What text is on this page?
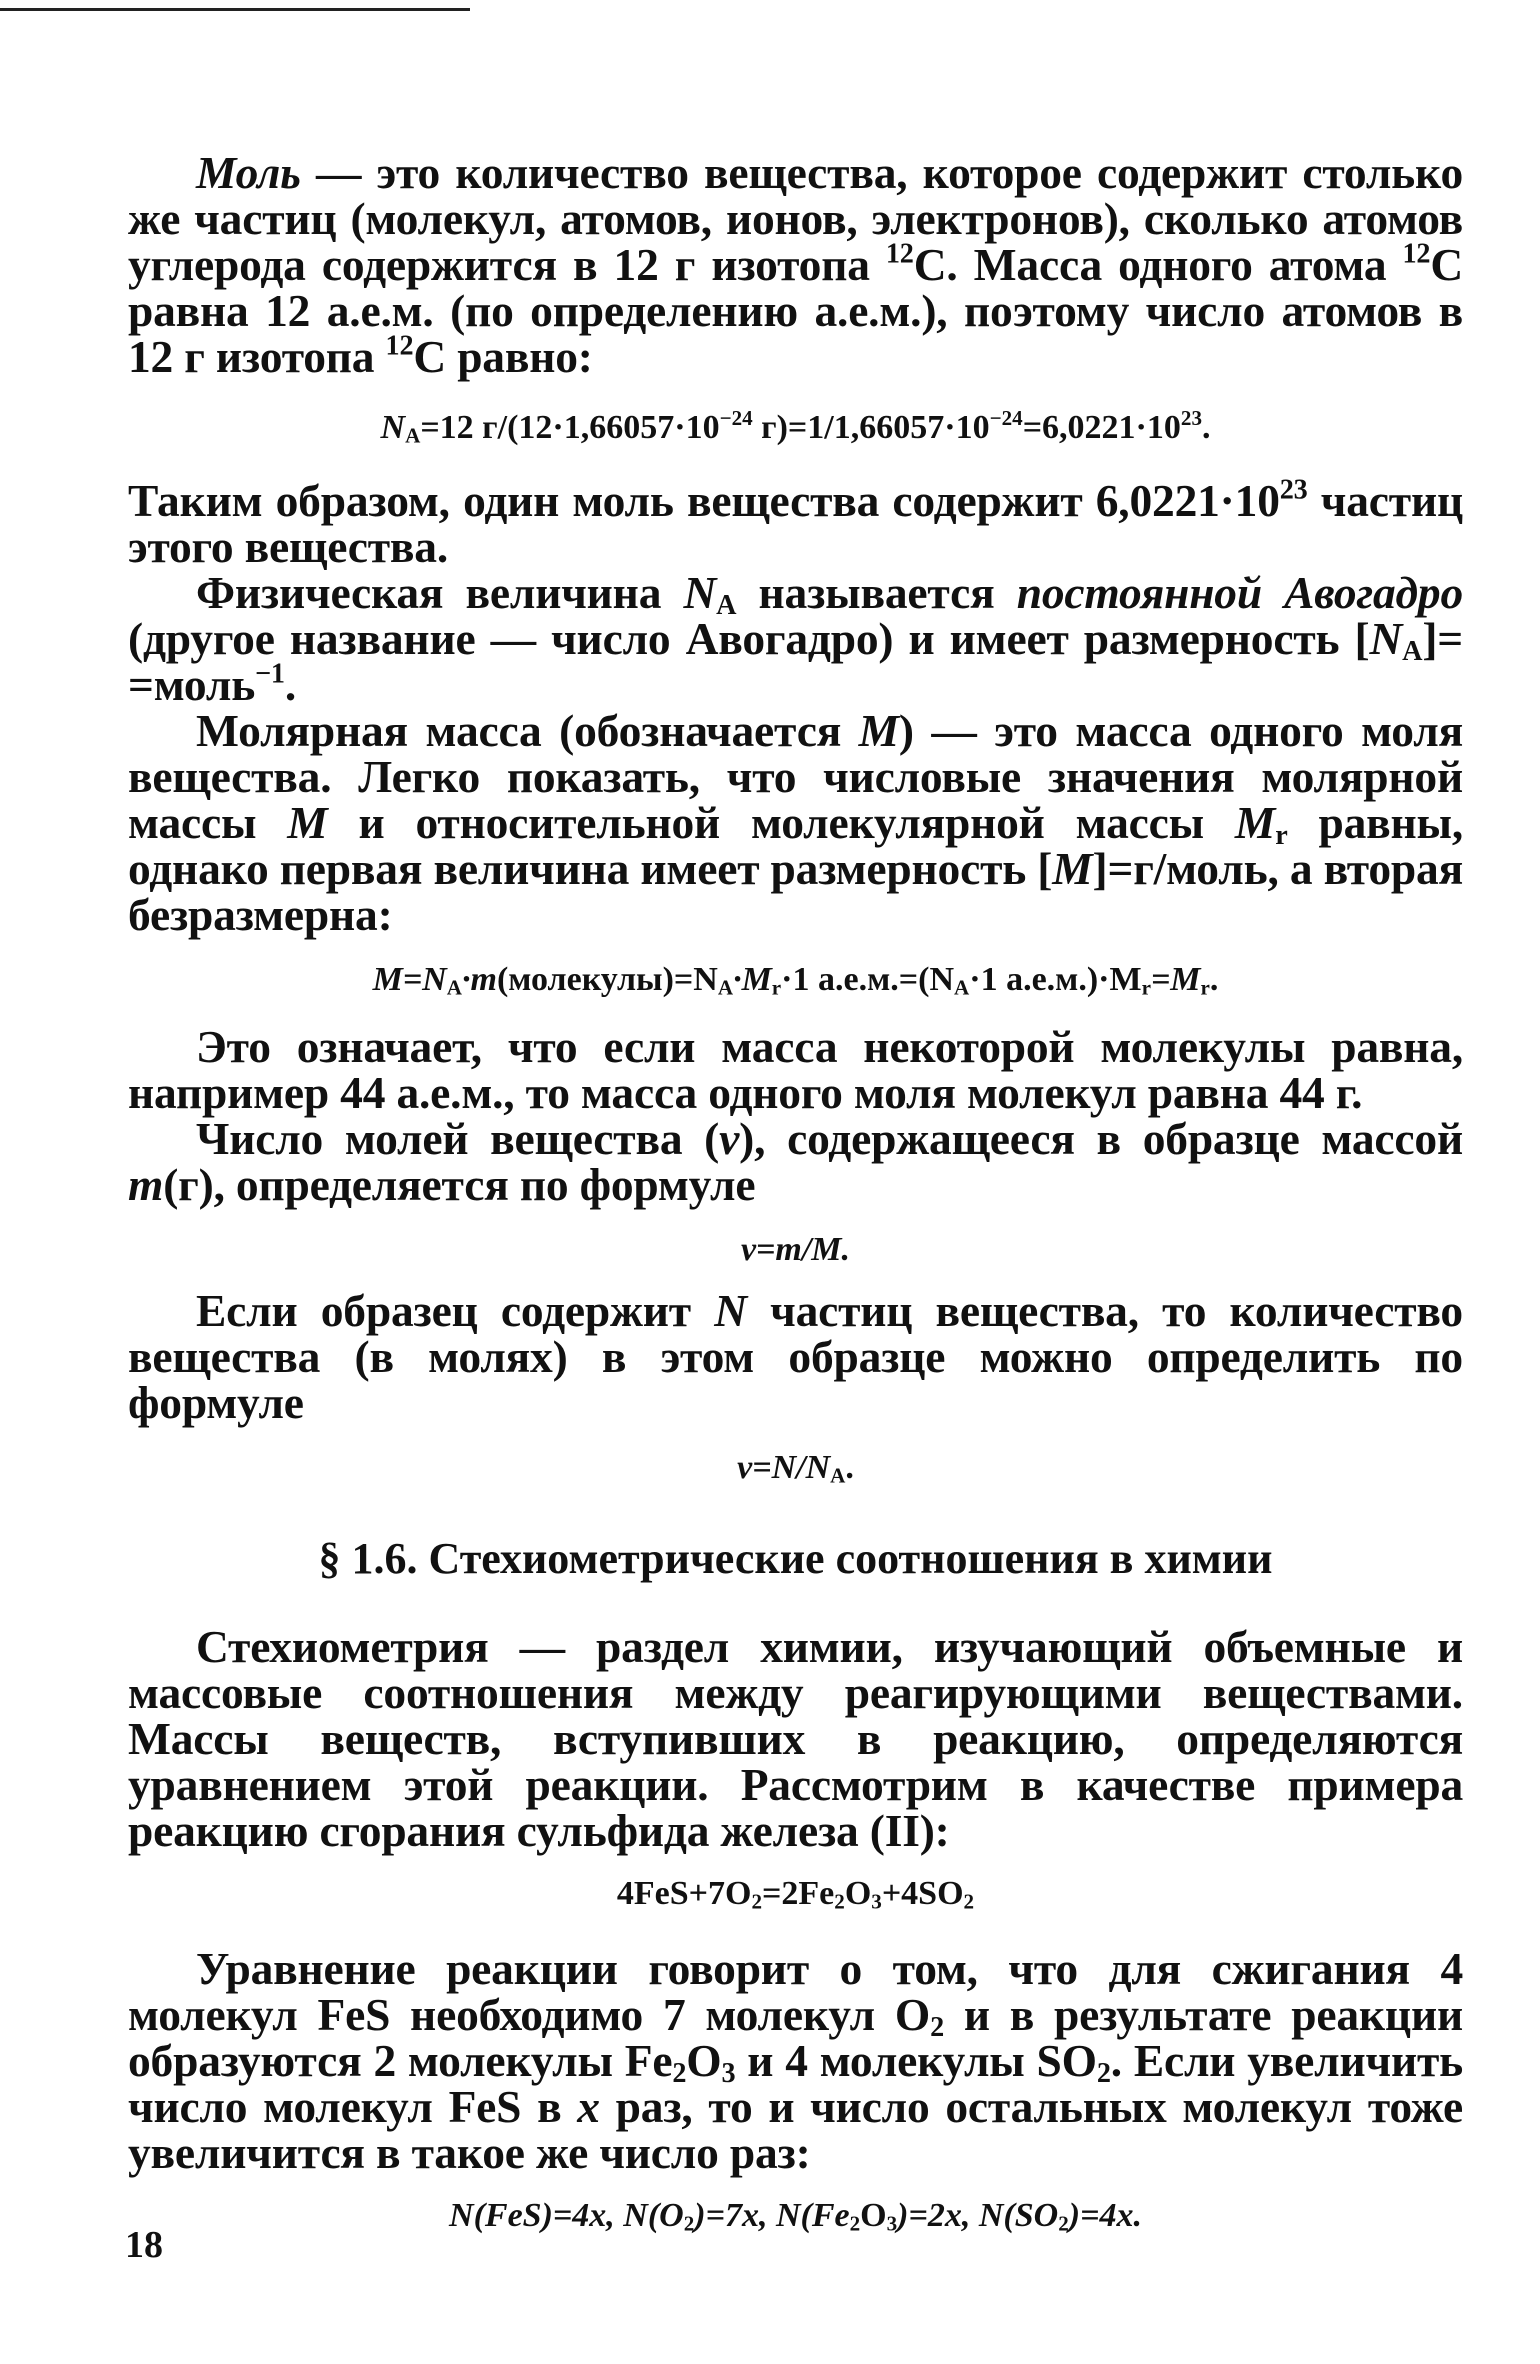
Моль — это количество вещества, которое содержит столько же частиц (молекул, атомов, ионов, электронов), сколько атомов углерода содержится в 12 г изотопа $^{12}$С. Масса одного атома $^{12}$С равна 12 а.е.м. (по определению а.е.м.), поэтому число атомов в 12 г изотопа $^{12}$С равно:

$N_A=12$ $г/(12\cdot 1,66057\cdot 10^{-24}$ $г)=1/1,66057\cdot 10^{-24}=6,0221\cdot 10^{23}$.

Таким образом, один моль вещества содержит $6,0221\cdot 10^{23}$ частиц этого вещества.

Физическая величина $N_A$ называется постоянной Авогадро (другое название — число Авогадро) и имеет размерность $[N_A]=$ =моль$^{-1}$.

Молярная масса (обозначается M) — это масса одного моля вещества. Легко показать, что числовые значения молярной массы M и относительной молекулярной массы $M_r$ равны, однако первая величина имеет размерность [M]=г/моль, а вторая безразмерна:

$M=N_A\cdot m(молекулы)=N_A\cdot M_r\cdot 1$ $а.е.м.=(N_A\cdot 1$ $а.е.м.)\cdot M_r=M_r$.

Это означает, что если масса некоторой молекулы равна, например 44 а.е.м., то масса одного моля молекул равна 44 г.

Число молей вещества (ν), содержащееся в образце массой m(г), определяется по формуле

ν=m/M.

Если образец содержит N частиц вещества, то количество вещества (в молях) в этом образце можно определить по формуле

$\nu=N/N_A$.

§ 1.6. Стехиометрические соотношения в химии

Стехиометрия — раздел химии, изучающий объемные и массовые соотношения между реагирующими веществами. Массы веществ, вступивших в реакцию, определяются уравнением этой реакции. Рассмотрим в качестве примера реакцию сгорания сульфида железа (II):

$4FeS+7O_2=2Fe_2O_3+4SO_2$

Уравнение реакции говорит о том, что для сжигания 4 молекул FeS необходимо 7 молекул $O_2$ и в результате реакции образуются 2 молекулы $Fe_2O_3$ и 4 молекулы $SO_2$. Если увеличить число молекул FeS в x раз, то и число остальных молекул тоже увеличится в такое же число раз:

N(FeS)=4x, $N(O_2)=7x$, $N(Fe_2O_3)=2x$, $N(SO_2)=4x$.

18
